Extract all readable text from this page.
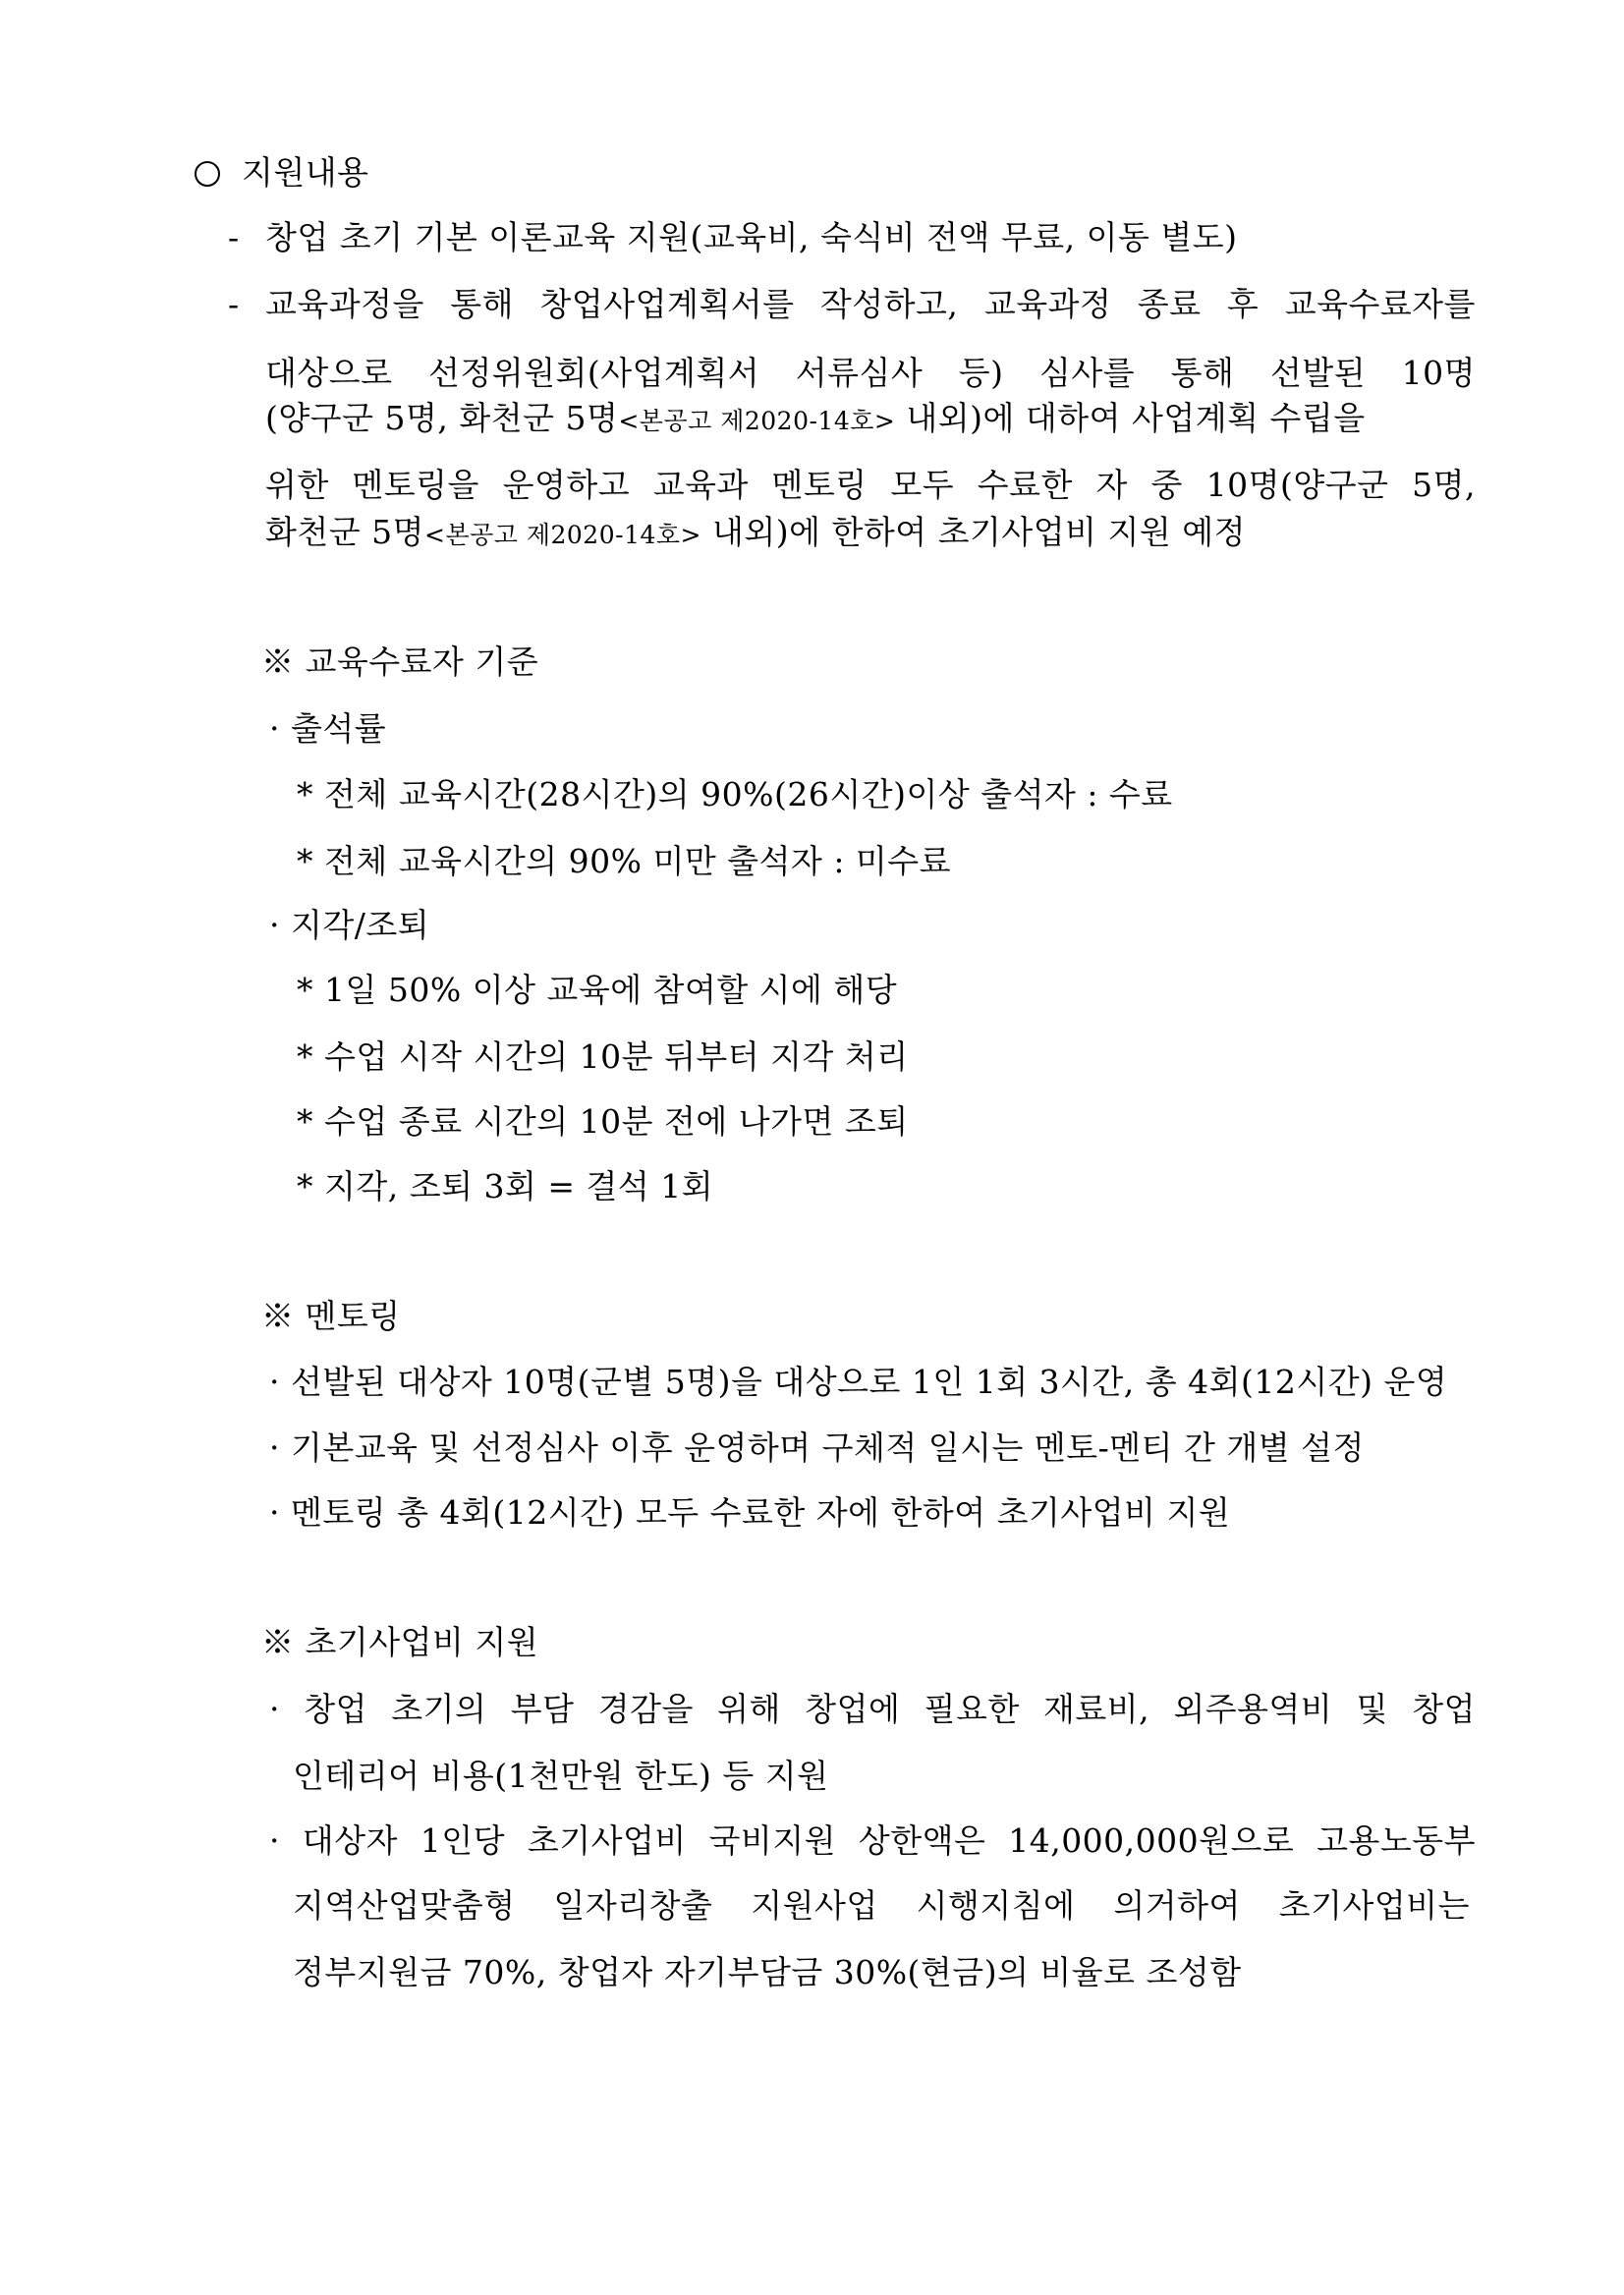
지원내용
- 창업 초기 기본 이론교육 지원(교육비, 숙식비 전액 무료, 이동 별도)
- 교육과정을 통해 창업사업계획서를 작성하고, 교육과정 종료 후 교육수료자를
대상으로 선정위원회(사업계획서 서류심사 등) 심사를 통해 선발된 10명
(양구군 5명, 화천군 5명<본공고 제2020-14호> 내외)에 대하여 사업계획 수립을
위한 멘토링을 운영하고 교육과 멘토링 모두 수료한 자 중 10명(양구군 5명,
화천군 5명<본공고 제2020-14호> 내외)에 한하여 초기사업비 지원 예정
※ 교육수료자 기준
· 출석률
* 전체 교육시간(28시간)의 90%(26시간)이상 출석자 : 수료
* 전체 교육시간의 90% 미만 출석자 : 미수료
· 지각/조퇴
* 1일 50% 이상 교육에 참여할 시에 해당
* 수업 시작 시간의 10분 뒤부터 지각 처리
* 수업 종료 시간의 10분 전에 나가면 조퇴
* 지각, 조퇴 3회 = 결석 1회
※ 멘토링
· 선발된 대상자 10명(군별 5명)을 대상으로 1인 1회 3시간, 총 4회(12시간) 운영
· 기본교육 및 선정심사 이후 운영하며 구체적 일시는 멘토-멘티 간 개별 설정
· 멘토링 총 4회(12시간) 모두 수료한 자에 한하여 초기사업비 지원
※ 초기사업비 지원
· 창업 초기의 부담 경감을 위해 창업에 필요한 재료비, 외주용역비 및 창업
인테리어 비용(1천만원 한도) 등 지원
· 대상자 1인당 초기사업비 국비지원 상한액은 14,000,000원으로 고용노동부
지역산업맞춤형 일자리창출 지원사업 시행지침에 의거하여 초기사업비는
정부지원금 70%, 창업자 자기부담금 30%(현금)의 비율로 조성함
